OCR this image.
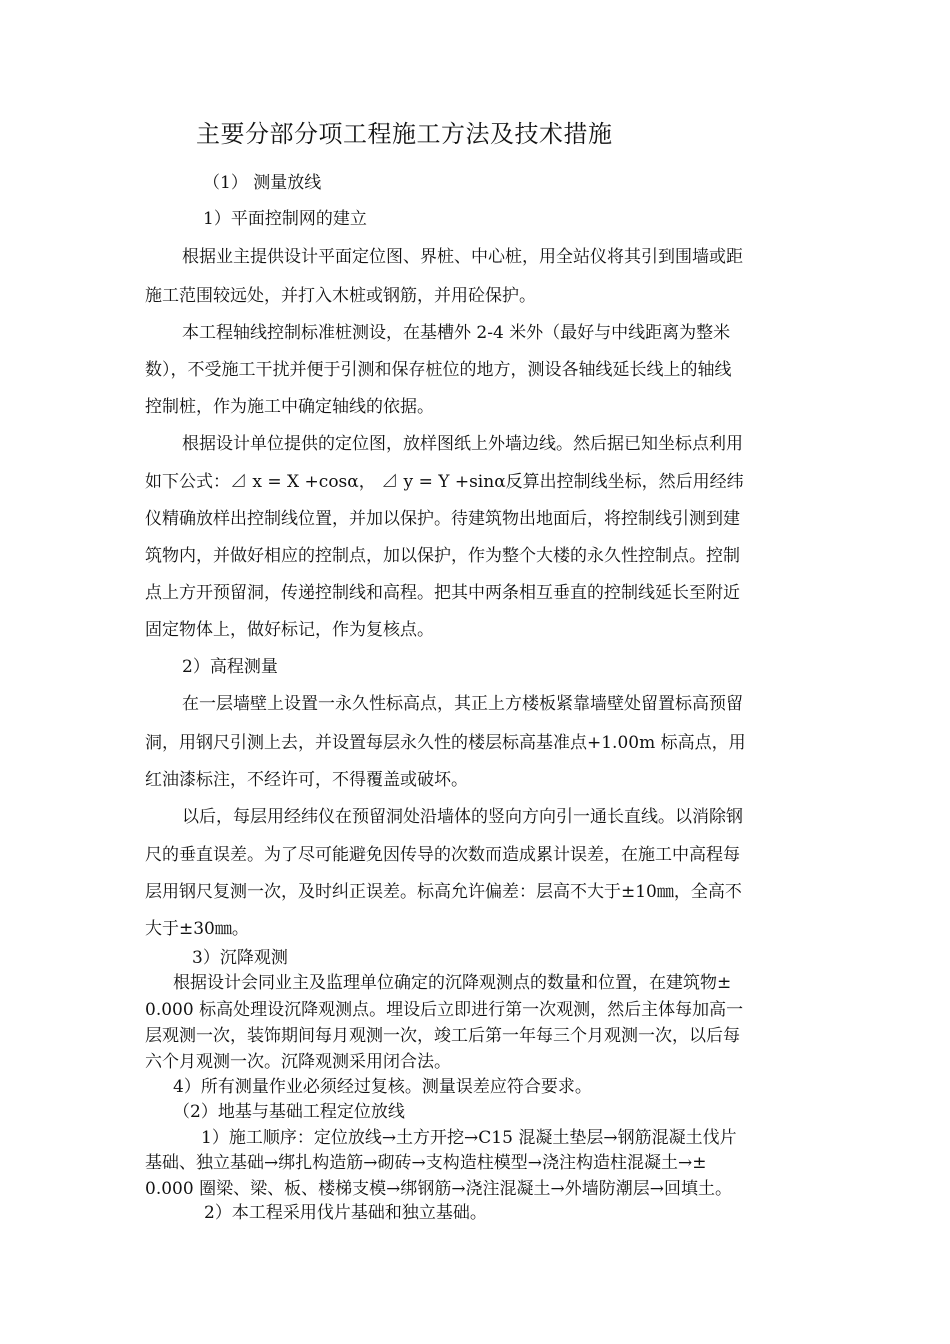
主要分部分项工程施工方法及技术措施
（1） 测量放线
1）平面控制网的建立
根据业主提供设计平面定位图、界桩、中心桩，用全站仪将其引到围墙或距
施工范围较远处，并打入木桩或钢筋，并用砼保护。
本工程轴线控制标准桩测设，在基槽外 2-4 米外（最好与中线距离为整米
数），不受施工干扰并便于引测和保存桩位的地方，测设各轴线延长线上的轴线
控制桩，作为施工中确定轴线的依据。
根据设计单位提供的定位图，放样图纸上外墙边线。然后据已知坐标点利用
如下公式：⊿ x = X +cosα， ⊿ y = Y +sinα反算出控制线坐标，然后用经纬
仪精确放样出控制线位置，并加以保护。待建筑物出地面后，将控制线引测到建
筑物内，并做好相应的控制点，加以保护，作为整个大楼的永久性控制点。控制
点上方开预留洞，传递控制线和高程。把其中两条相互垂直的控制线延长至附近
固定物体上，做好标记，作为复核点。
2）高程测量
在一层墙壁上设置一永久性标高点，其正上方楼板紧靠墙壁处留置标高预留
洞，用钢尺引测上去，并设置每层永久性的楼层标高基准点+1.00m 标高点，用
红油漆标注，不经许可，不得覆盖或破坏。
以后，每层用经纬仪在预留洞处沿墙体的竖向方向引一通长直线。以消除钢
尺的垂直误差。为了尽可能避免因传导的次数而造成累计误差，在施工中高程每
层用钢尺复测一次，及时纠正误差。标高允许偏差：层高不大于±10㎜，全高不
大于±30㎜。
3）沉降观测
根据设计会同业主及监理单位确定的沉降观测点的数量和位置，在建筑物±
0.000 标高处理设沉降观测点。埋设后立即进行第一次观测，然后主体每加高一
层观测一次，装饰期间每月观测一次，竣工后第一年每三个月观测一次，以后每
六个月观测一次。沉降观测采用闭合法。
4）所有测量作业必须经过复核。测量误差应符合要求。
（2）地基与基础工程定位放线
1）施工顺序：定位放线→土方开挖→C15 混凝土垫层→钢筋混凝土伐片
基础、独立基础→绑扎构造筋→砌砖→支构造柱模型→浇注构造柱混凝土→±
0.000 圈梁、梁、板、楼梯支模→绑钢筋→浇注混凝土→外墙防潮层→回填土。
2）本工程采用伐片基础和独立基础。
